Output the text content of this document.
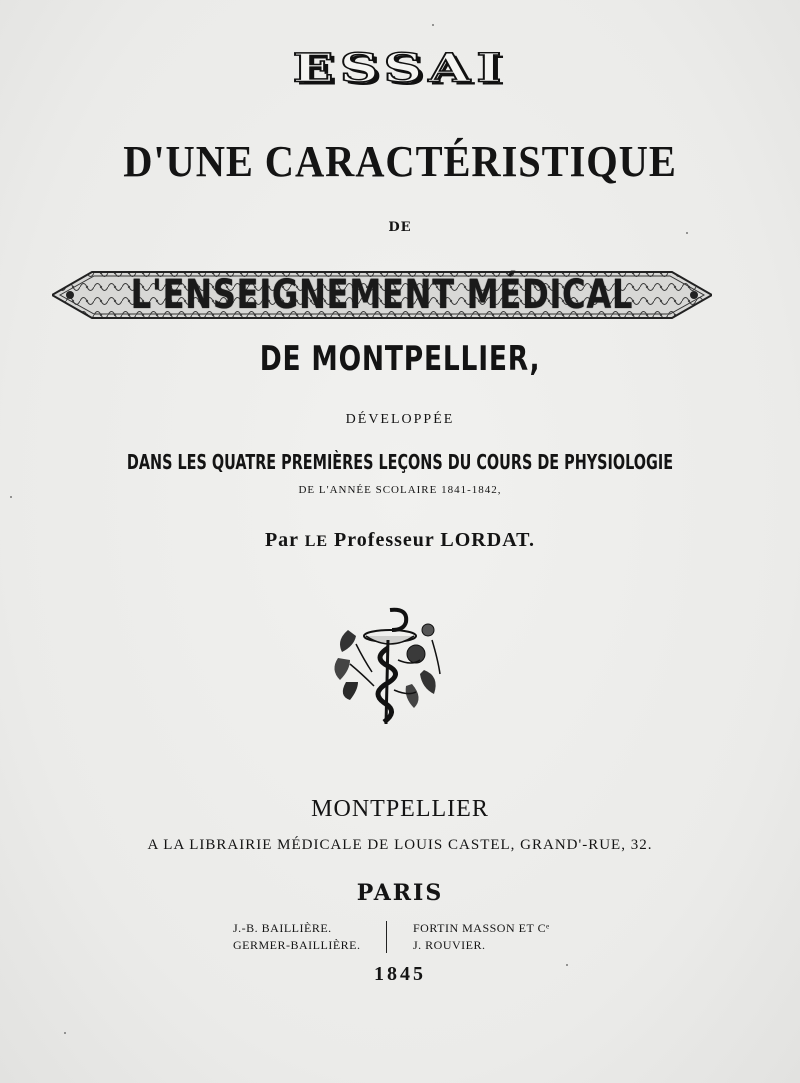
ESSAI
D'UNE CARACTÉRISTIQUE
DE
L'ENSEIGNEMENT MÉDICAL
DE MONTPELLIER,
DÉVELOPPÉE
DANS LES QUATRE PREMIÈRES LEÇONS DU COURS DE PHYSIOLOGIE
DE L'ANNÉE SCOLAIRE 1841-1842,
Par LE Professeur LORDAT.
MONTPELLIER
A LA LIBRAIRIE MÉDICALE DE LOUIS CASTEL, GRAND'-RUE, 32.
PARIS
J.-B. BAILLIÈRE.
GERMER-BAILLIÈRE.
FORTIN MASSON ET Cᵉ
J. ROUVIER.
1845
